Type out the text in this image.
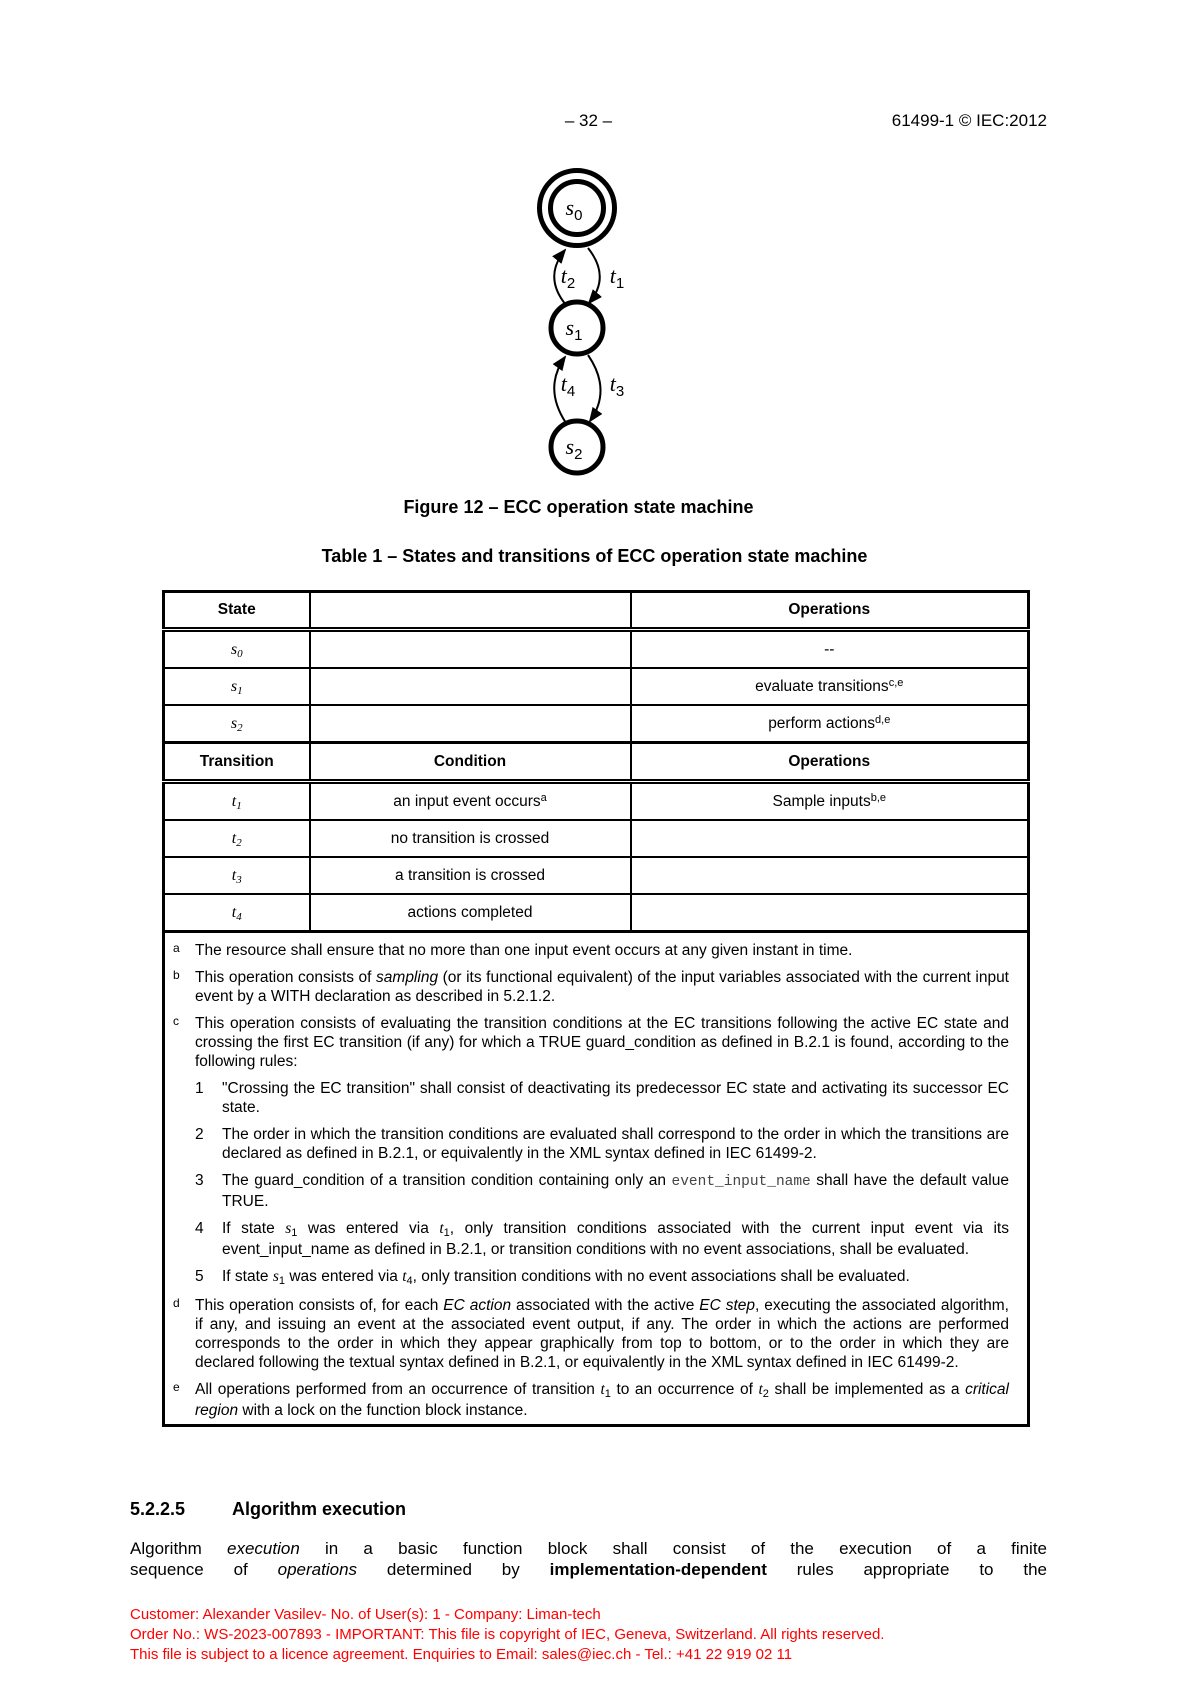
– 32 –	61499-1 © IEC:2012
$s_0$
$s_1$
$s_2$
$t_1$
$t_2$
$t_3$
$t_4$
Figure 12 – ECC operation state machine
Table 1 – States and transitions of ECC operation state machine
State		Operations
s0		--
s1		evaluate transitions$^{c,e}$
s2		perform actions$^{d,e}$
Transition	Condition	Operations
t1	an input event occurs$^a$	Sample inputs$^{b,e}$
t2	no transition is crossed	
t3	a transition is crossed	
t4	actions completed	

a The resource shall ensure that no more than one input event occurs at any given instant in time.
b This operation consists of sampling (or its functional equivalent) of the input variables associated with the current input event by a WITH declaration as described in 5.2.1.2.
c	This operation consists of evaluating the transition conditions at the EC transitions following the active EC state and crossing the first EC transition (if any) for which a TRUE guard_condition as defined in B.2.1 is found, according to the following rules:
1	"Crossing the EC transition" shall consist of deactivating its predecessor EC state and activating its successor EC state.
2	The order in which the transition conditions are evaluated shall correspond to the order in which the transitions are declared as defined in B.2.1, or equivalently in the XML syntax defined in IEC 61499-2.
3	The guard_condition of a transition condition containing only an event_input_name shall have the default value TRUE.
4	If state s1 was entered via t1, only transition conditions associated with the current input event via its event_input_name as defined in B.2.1, or transition conditions with no event associations, shall be evaluated.
5	If state s1 was entered via t4, only transition conditions with no event associations shall be evaluated.
d This operation consists of, for each EC action associated with the active EC step, executing the associated algorithm, if any, and issuing an event at the associated event output, if any. The order in which the actions are performed corresponds to the order in which they appear graphically from top to bottom, or to the order in which they are declared following the textual syntax defined in B.2.1, or equivalently in the XML syntax defined in IEC 61499-2.
e All operations performed from an occurrence of transition t1 to an occurrence of t2 shall be implemented as a critical region with a lock on the function block instance.
5.2.2.5	Algorithm execution
Algorithm execution in a basic function block shall consist of the execution of a finite
sequence of operations determined by implementation-dependent rules appropriate to the
Customer: Alexander Vasilev- No. of User(s): 1 - Company: Liman-tech
Order No.: WS-2023-007893 - IMPORTANT: This file is copyright of IEC, Geneva, Switzerland. All rights reserved.
This file is subject to a licence agreement. Enquiries to Email: sales@iec.ch - Tel.: +41 22 919 02 11
